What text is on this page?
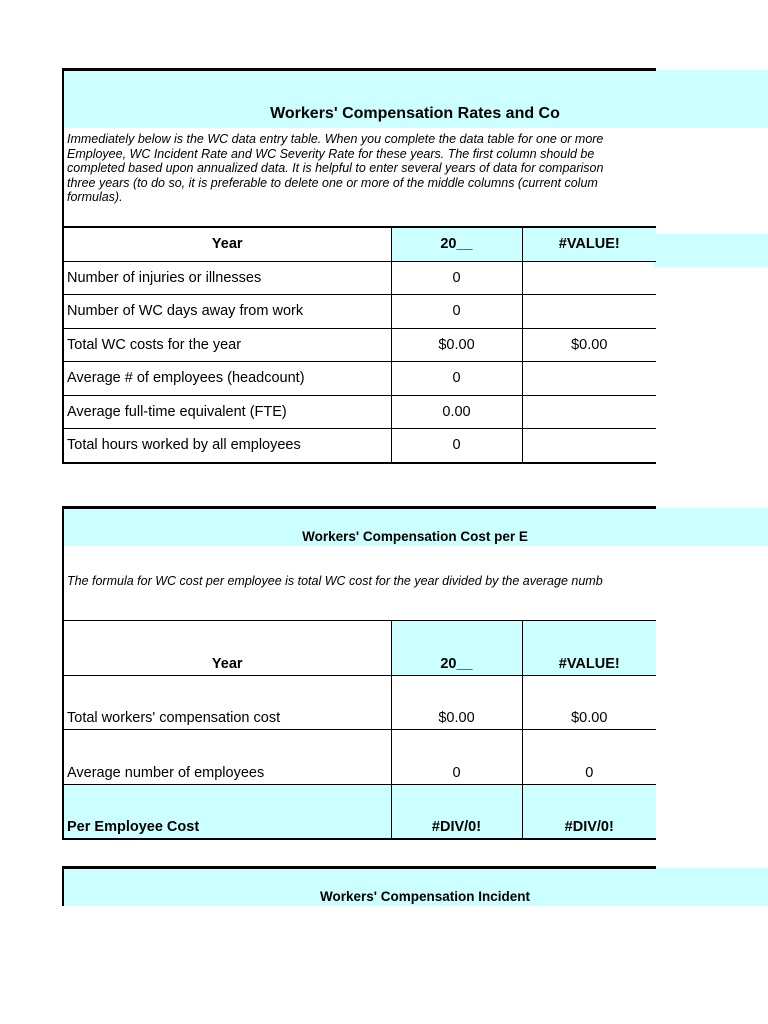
Workers' Compensation Rates and Co
Immediately below is the WC data entry table. When you complete the data table for one or more
Employee, WC Incident Rate and WC Severity Rate for these years. The first column should be
completed based upon annualized data. It is helpful to enter several years of data for comparison
three years (to do so, it is preferable to delete one or more of the middle columns (current colum
formulas).
Year	20__	#VALUE!
Number of injuries or illnesses	0	
Number of WC days away from work	0	
Total WC costs for the year	$0.00	$0.00
Average # of employees (headcount)	0	
Average full-time equivalent (FTE)	0.00	
Total hours worked by all employees	0	
Workers' Compensation Cost per E
The formula for WC cost per employee is total WC cost for the year divided by the average numb
Year	20__	#VALUE!
Total workers' compensation cost	$0.00	$0.00
Average number of employees	0	0
Per Employee Cost	#DIV/0!	#DIV/0!
Workers' Compensation Incident
